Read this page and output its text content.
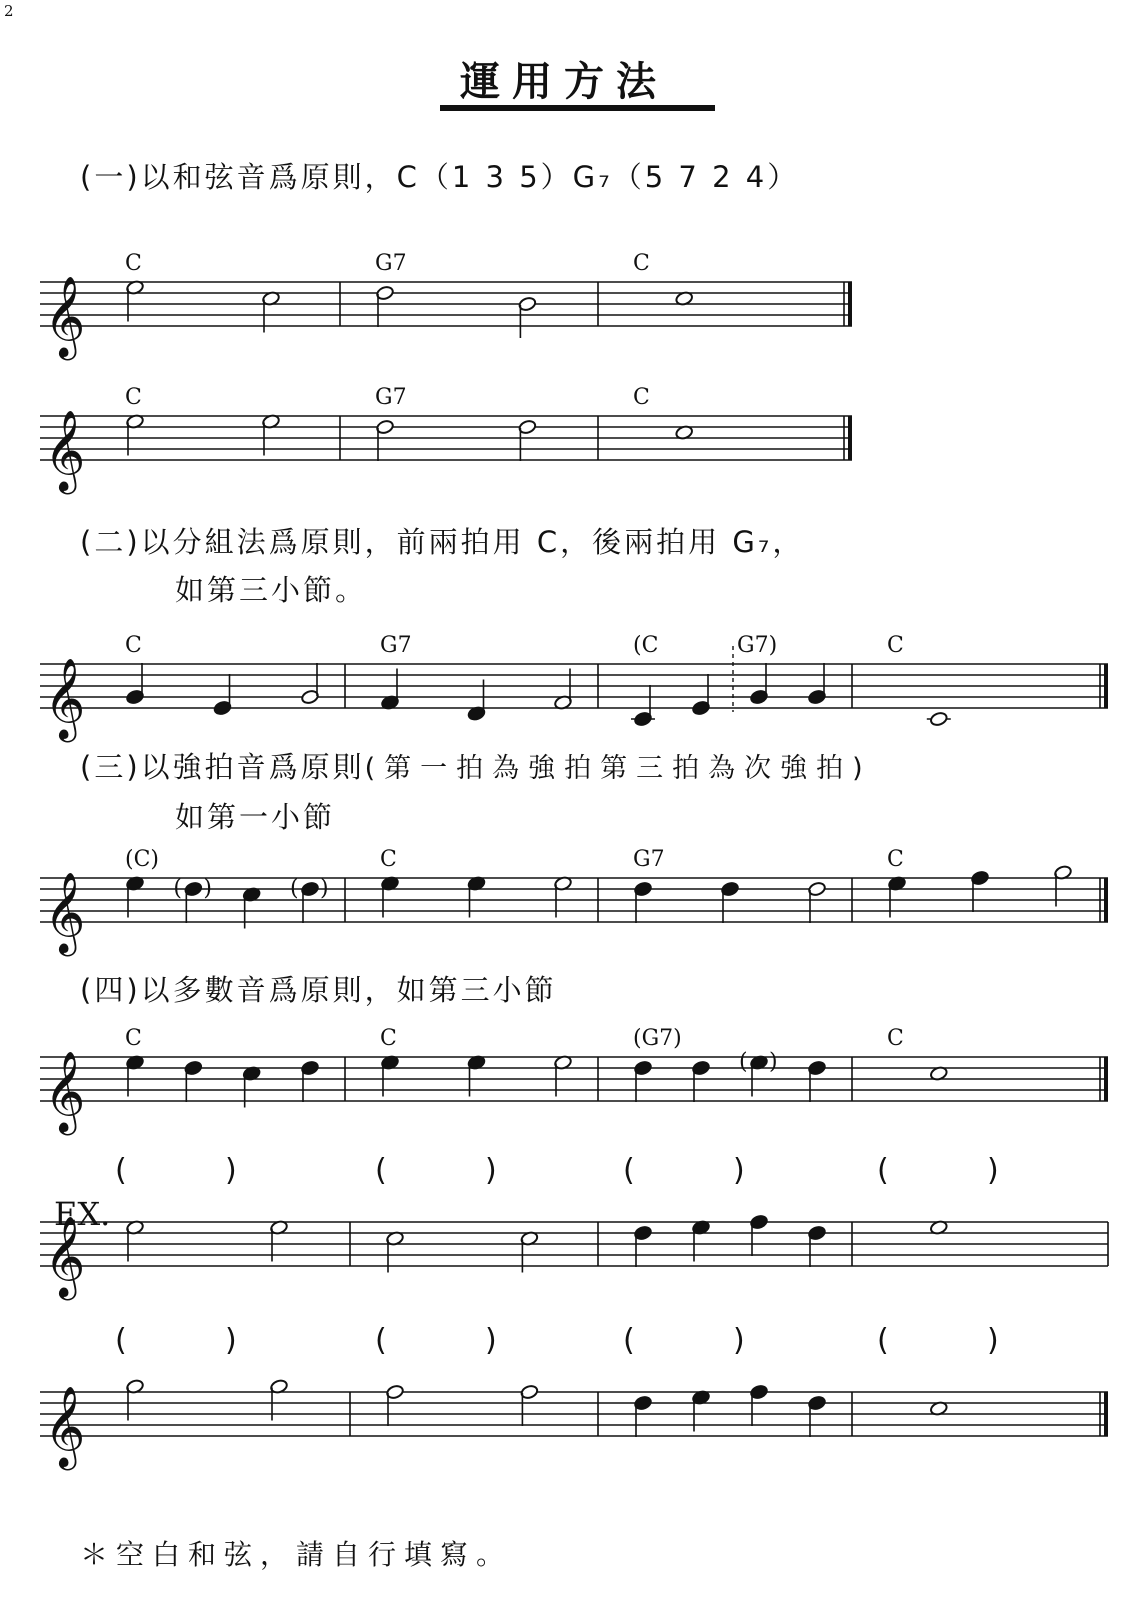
2
運用方法
(一)以和弦音爲原則，C（1 3 5）G₇（5 7 2 4）
(二)以分組法爲原則，前兩拍用 C，後兩拍用 G₇，
如第三小節。
(三)以強拍音爲原則(第一拍為強拍第三拍為次強拍)
如第一小節
(四)以多數音爲原則，如第三小節
EX.
＊空白和弦，請自行填寫。
𝄞
C	G7	C
𝄞
C	G7	C
𝄞
C	G7	(C	G7)	C
𝄞
(C)
( )	( )
C	G7	C
𝄞
C	C	(G7)
( )
C
𝄞
(	)	(	)	(	)	(	)
𝄞
(	)	(	)	(	)	(	)
